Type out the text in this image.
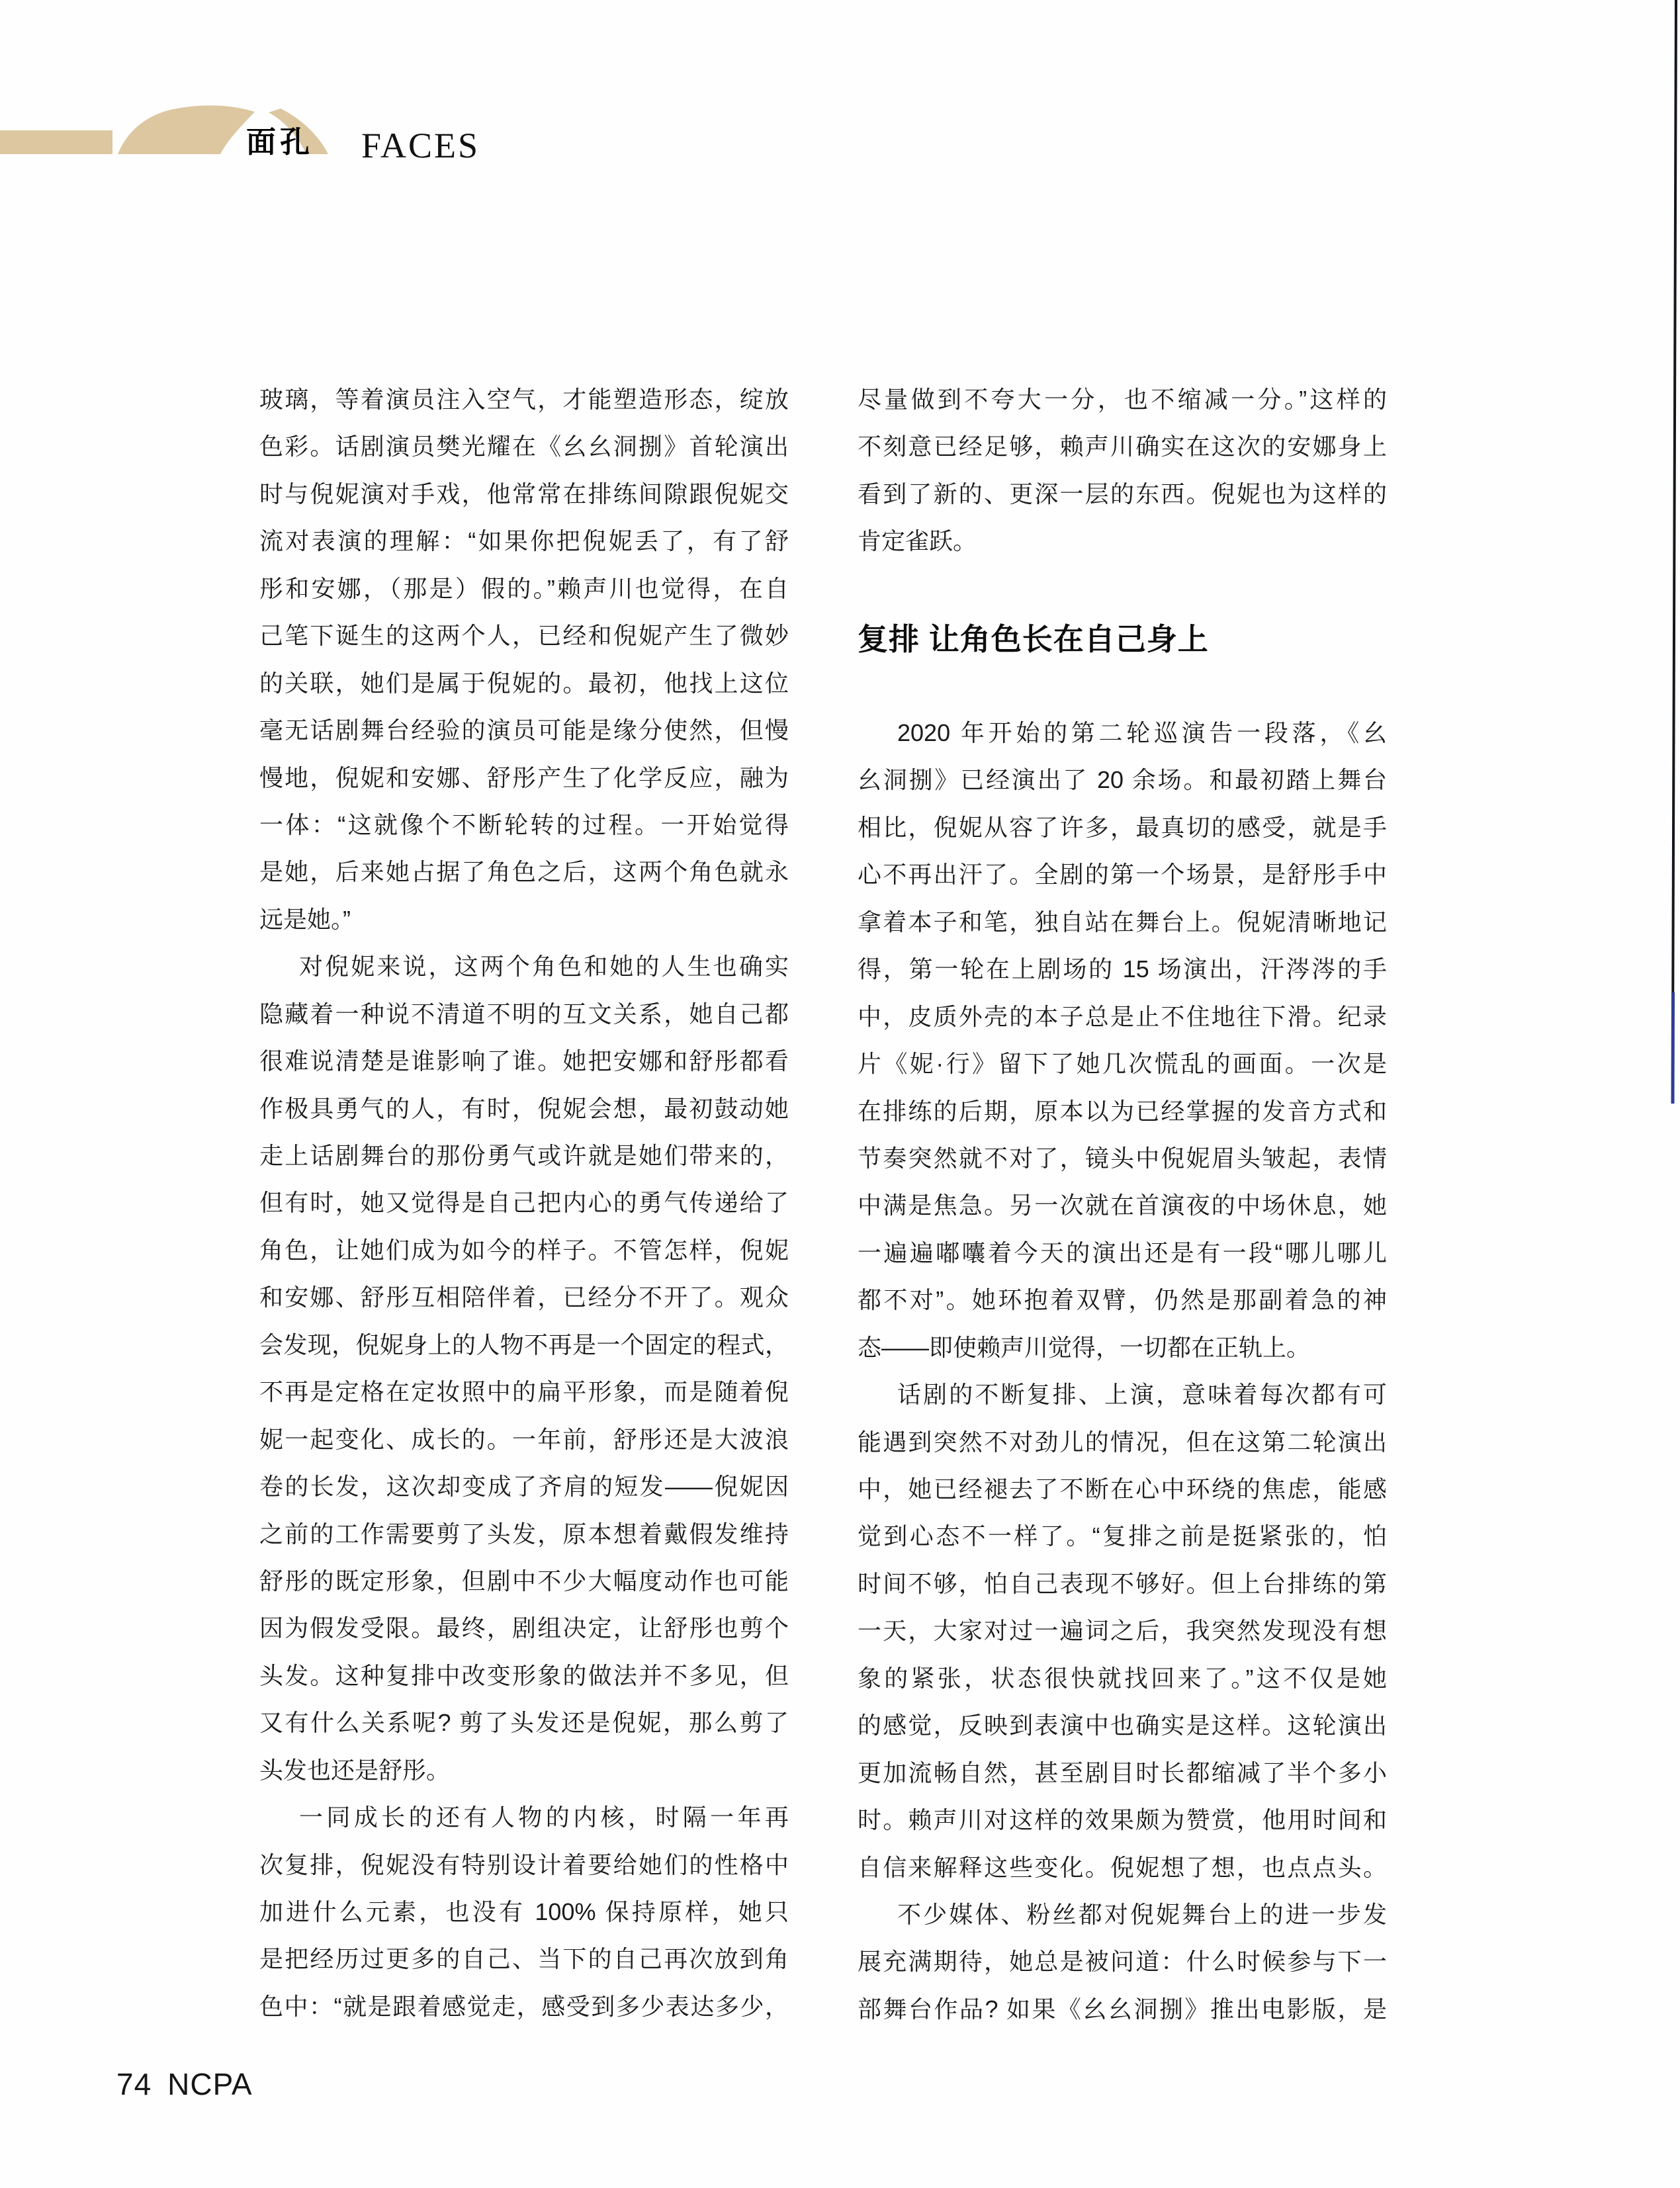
面孔 FACES
玻璃，等着演员注入空气，才能塑造形态，绽放
色彩。话剧演员樊光耀在《幺幺洞捌》首轮演出
时与倪妮演对手戏，他常常在排练间隙跟倪妮交
流对表演的理解：“如果你把倪妮丢了，有了舒
彤和安娜，（那是）假的。”赖声川也觉得，在自
己笔下诞生的这两个人，已经和倪妮产生了微妙
的关联，她们是属于倪妮的。最初，他找上这位
毫无话剧舞台经验的演员可能是缘分使然，但慢
慢地，倪妮和安娜、舒彤产生了化学反应，融为
一体：“这就像个不断轮转的过程。一开始觉得
是她，后来她占据了角色之后，这两个角色就永
远是她。”
对倪妮来说，这两个角色和她的人生也确实
隐藏着一种说不清道不明的互文关系，她自己都
很难说清楚是谁影响了谁。她把安娜和舒彤都看
作极具勇气的人，有时，倪妮会想，最初鼓动她
走上话剧舞台的那份勇气或许就是她们带来的，
但有时，她又觉得是自己把内心的勇气传递给了
角色，让她们成为如今的样子。不管怎样，倪妮
和安娜、舒彤互相陪伴着，已经分不开了。观众
会发现，倪妮身上的人物不再是一个固定的程式，
不再是定格在定妆照中的扁平形象，而是随着倪
妮一起变化、成长的。一年前，舒彤还是大波浪
卷的长发，这次却变成了齐肩的短发——倪妮因
之前的工作需要剪了头发，原本想着戴假发维持
舒彤的既定形象，但剧中不少大幅度动作也可能
因为假发受限。最终，剧组决定，让舒彤也剪个
头发。这种复排中改变形象的做法并不多见，但
又有什么关系呢? 剪了头发还是倪妮，那么剪了
头发也还是舒彤。
一同成长的还有人物的内核，时隔一年再
次复排，倪妮没有特别设计着要给她们的性格中
加进什么元素，也没有 100% 保持原样，她只
是把经历过更多的自己、当下的自己再次放到角
色中：“就是跟着感觉走，感受到多少表达多少，
尽量做到不夸大一分，也不缩减一分。”这样的
不刻意已经足够，赖声川确实在这次的安娜身上
看到了新的、更深一层的东西。倪妮也为这样的
肯定雀跃。
复排 让角色长在自己身上
2020 年开始的第二轮巡演告一段落，《幺
幺洞捌》已经演出了 20 余场。和最初踏上舞台
相比，倪妮从容了许多，最真切的感受，就是手
心不再出汗了。全剧的第一个场景，是舒彤手中
拿着本子和笔，独自站在舞台上。倪妮清晰地记
得，第一轮在上剧场的 15 场演出，汗涔涔的手
中，皮质外壳的本子总是止不住地往下滑。纪录
片《妮·行》留下了她几次慌乱的画面。一次是
在排练的后期，原本以为已经掌握的发音方式和
节奏突然就不对了，镜头中倪妮眉头皱起，表情
中满是焦急。另一次就在首演夜的中场休息，她
一遍遍嘟囔着今天的演出还是有一段“哪儿哪儿
都不对”。她环抱着双臂，仍然是那副着急的神
态——即使赖声川觉得，一切都在正轨上。
话剧的不断复排、上演，意味着每次都有可
能遇到突然不对劲儿的情况，但在这第二轮演出
中，她已经褪去了不断在心中环绕的焦虑，能感
觉到心态不一样了。“复排之前是挺紧张的，怕
时间不够，怕自己表现不够好。但上台排练的第
一天，大家对过一遍词之后，我突然发现没有想
象的紧张，状态很快就找回来了。”这不仅是她
的感觉，反映到表演中也确实是这样。这轮演出
更加流畅自然，甚至剧目时长都缩减了半个多小
时。赖声川对这样的效果颇为赞赏，他用时间和
自信来解释这些变化。倪妮想了想，也点点头。
不少媒体、粉丝都对倪妮舞台上的进一步发
展充满期待，她总是被问道：什么时候参与下一
部舞台作品? 如果《幺幺洞捌》推出电影版，是
74 NCPA
